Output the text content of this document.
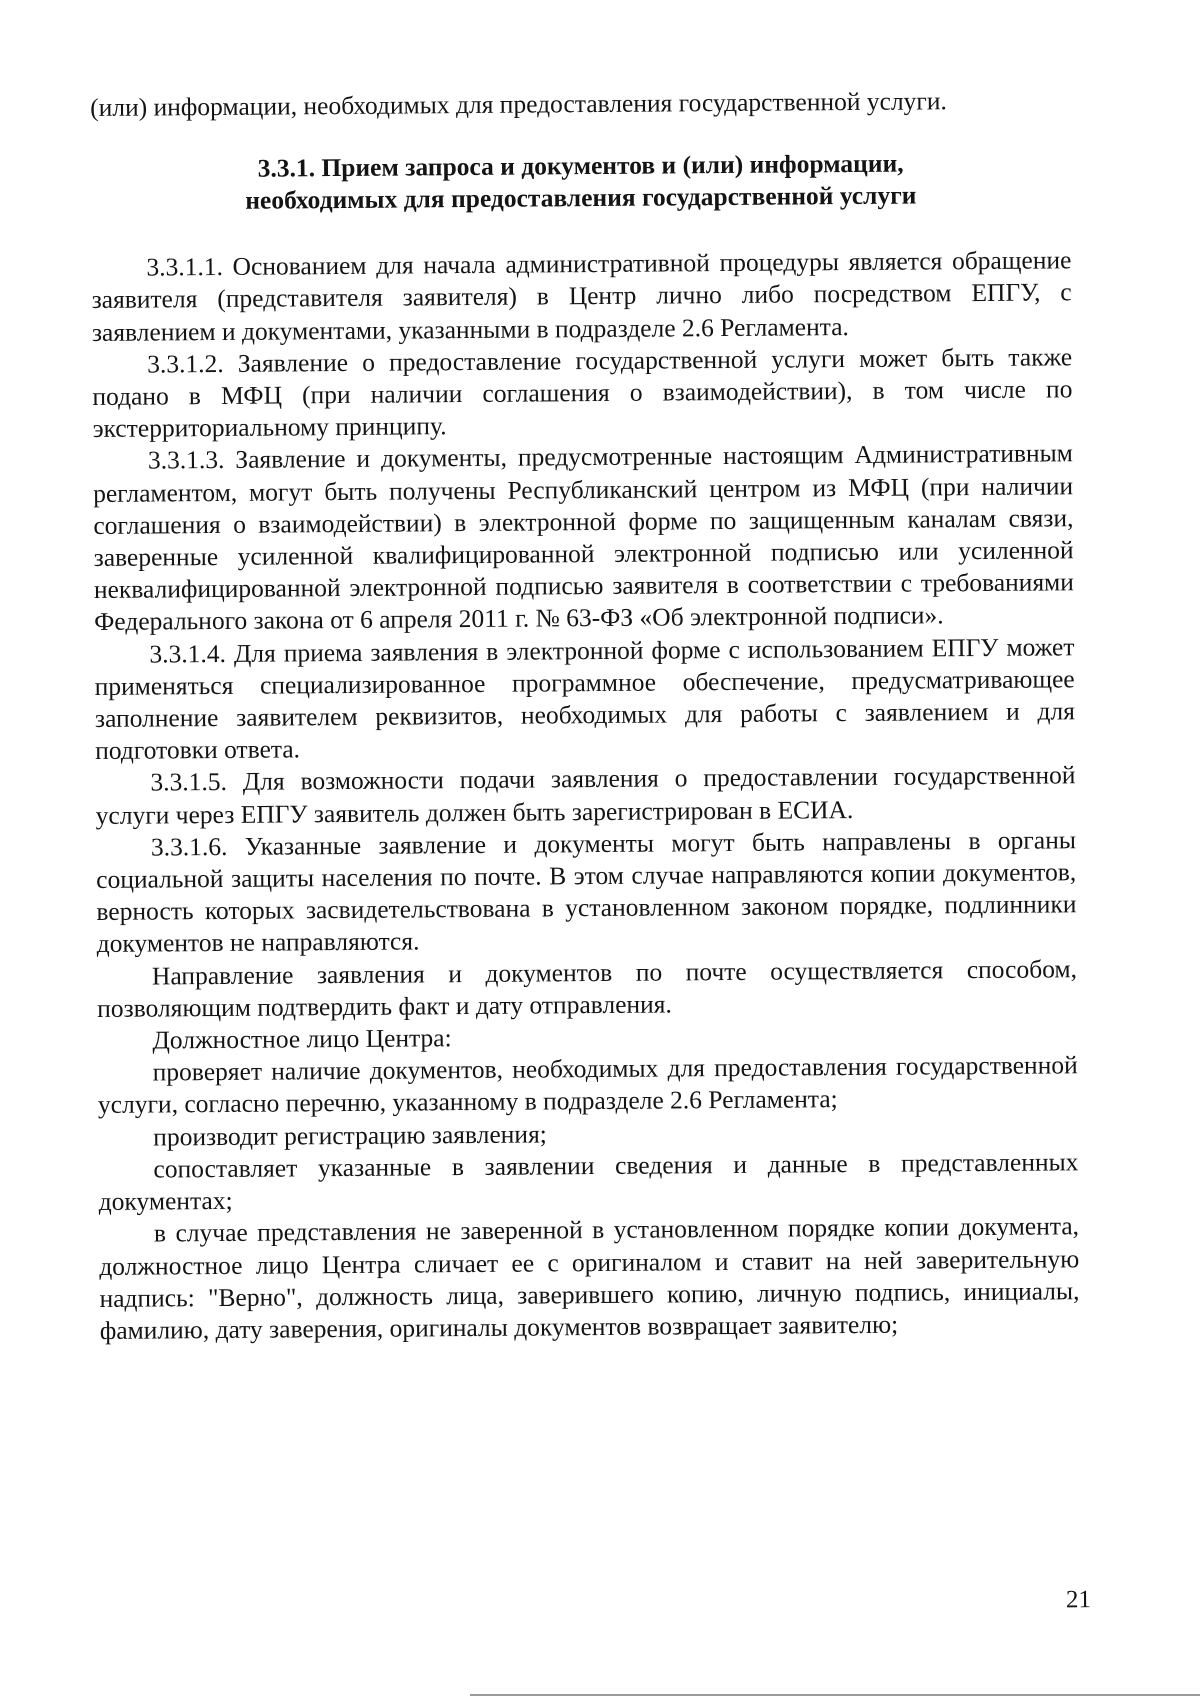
(или) информации, необходимых для предоставления государственной услуги.

3.3.1. Прием запроса и документов и (или) информации,
необходимых для предоставления государственной услуги

3.3.1.1. Основанием для начала административной процедуры является обращение заявителя (представителя заявителя) в Центр лично либо посредством ЕПГУ, с заявлением и документами, указанными в подразделе 2.6 Регламента.

3.3.1.2. Заявление о предоставление государственной услуги может быть также подано в МФЦ (при наличии соглашения о взаимодействии), в том числе по экстерриториальному принципу.

3.3.1.3. Заявление и документы, предусмотренные настоящим Административным регламентом, могут быть получены Республиканский центром из МФЦ (при наличии соглашения о взаимодействии) в электронной форме по защищенным каналам связи, заверенные усиленной квалифицированной электронной подписью или усиленной неквалифицированной электронной подписью заявителя в соответствии с требованиями Федерального закона от 6 апреля 2011 г. № 63-ФЗ «Об электронной подписи».

3.3.1.4. Для приема заявления в электронной форме с использованием ЕПГУ может применяться специализированное программное обеспечение, предусматривающее заполнение заявителем реквизитов, необходимых для работы с заявлением и для подготовки ответа.

3.3.1.5. Для возможности подачи заявления о предоставлении государственной услуги через ЕПГУ заявитель должен быть зарегистрирован в ЕСИА.

3.3.1.6. Указанные заявление и документы могут быть направлены в органы социальной защиты населения по почте. В этом случае направляются копии документов, верность которых засвидетельствована в установленном законом порядке, подлинники документов не направляются.

Направление заявления и документов по почте осуществляется способом, позволяющим подтвердить факт и дату отправления.

Должностное лицо Центра:

проверяет наличие документов, необходимых для предоставления государственной услуги, согласно перечню, указанному в подразделе 2.6 Регламента;

производит регистрацию заявления;

сопоставляет указанные в заявлении сведения и данные в представленных документах;

в случае представления не заверенной в установленном порядке копии документа, должностное лицо Центра сличает ее с оригиналом и ставит на ней заверительную надпись: "Верно", должность лица, заверившего копию, личную подпись, инициалы, фамилию, дату заверения, оригиналы документов возвращает заявителю;

21
